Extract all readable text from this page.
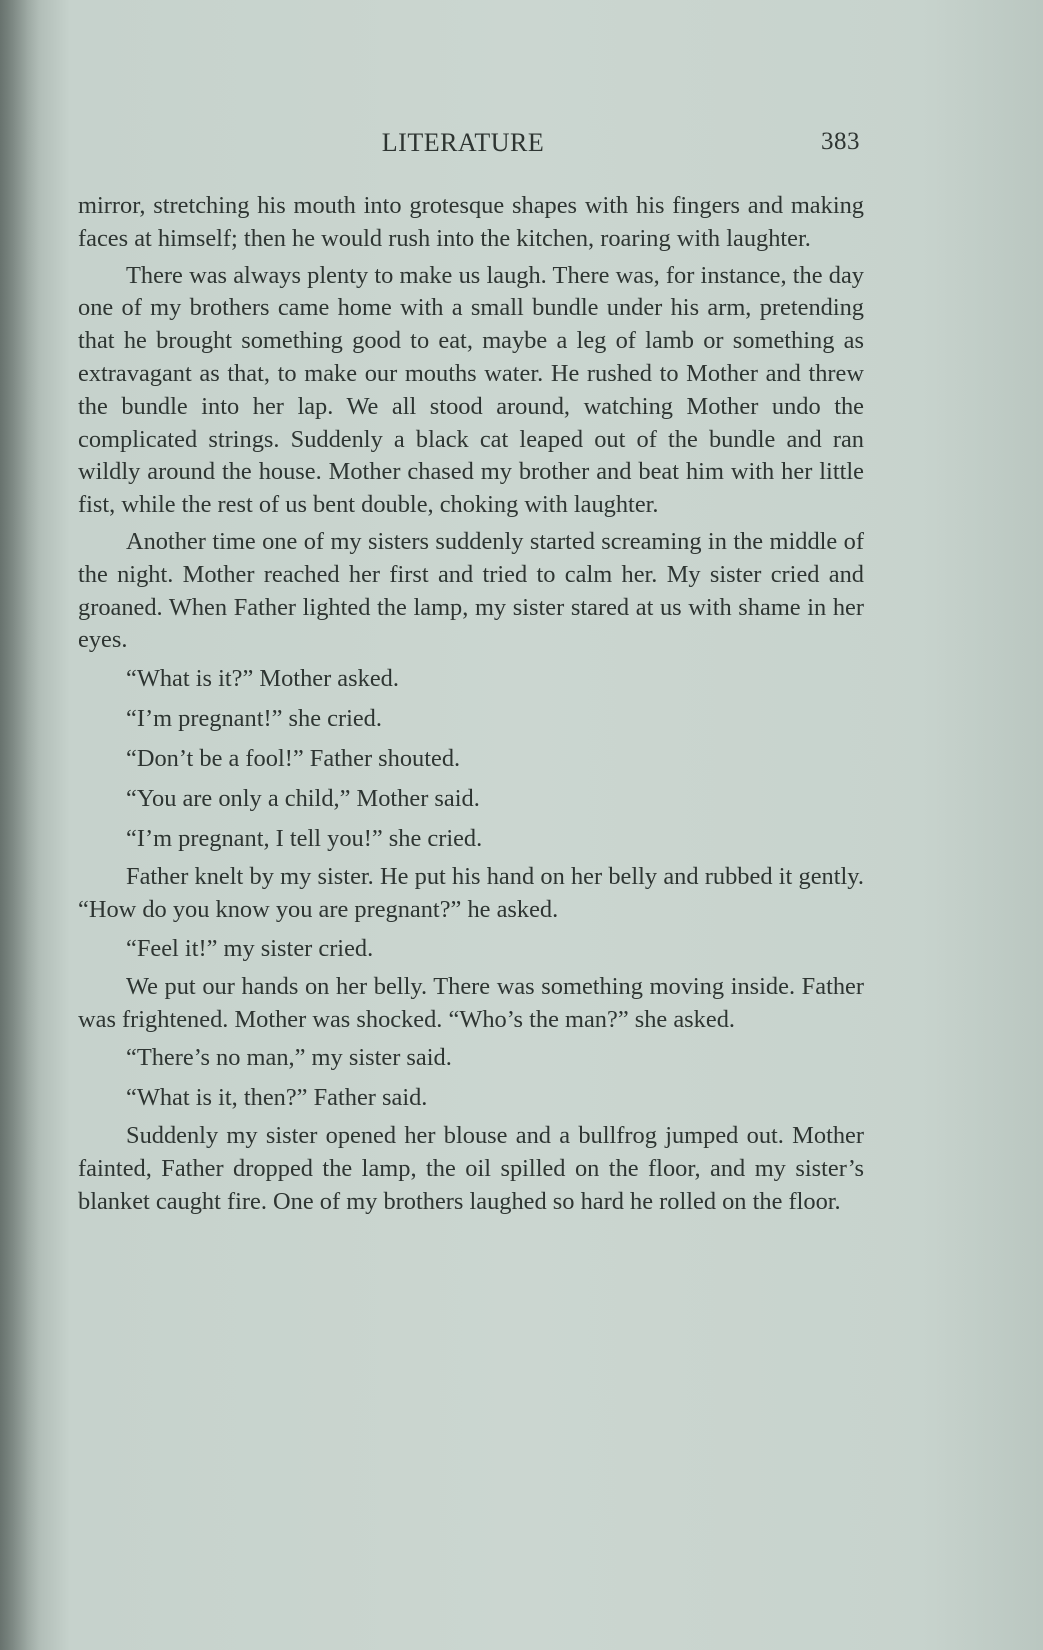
LITERATURE	383

mirror, stretching his mouth into grotesque shapes with his fingers and making faces at himself; then he would rush into the kitchen, roaring with laughter.

There was always plenty to make us laugh. There was, for instance, the day one of my brothers came home with a small bundle under his arm, pretending that he brought something good to eat, maybe a leg of lamb or something as extravagant as that, to make our mouths water. He rushed to Mother and threw the bundle into her lap. We all stood around, watching Mother undo the complicated strings. Suddenly a black cat leaped out of the bundle and ran wildly around the house. Mother chased my brother and beat him with her little fist, while the rest of us bent double, choking with laughter.

Another time one of my sisters suddenly started screaming in the middle of the night. Mother reached her first and tried to calm her. My sister cried and groaned. When Father lighted the lamp, my sister stared at us with shame in her eyes.

“What is it?” Mother asked.

“I’m pregnant!” she cried.

“Don’t be a fool!” Father shouted.

“You are only a child,” Mother said.

“I’m pregnant, I tell you!” she cried.

Father knelt by my sister. He put his hand on her belly and rubbed it gently. “How do you know you are pregnant?” he asked.

“Feel it!” my sister cried.

We put our hands on her belly. There was something moving inside. Father was frightened. Mother was shocked. “Who’s the man?” she asked.

“There’s no man,” my sister said.

“What is it, then?” Father said.

Suddenly my sister opened her blouse and a bullfrog jumped out. Mother fainted, Father dropped the lamp, the oil spilled on the floor, and my sister’s blanket caught fire. One of my brothers laughed so hard he rolled on the floor.
